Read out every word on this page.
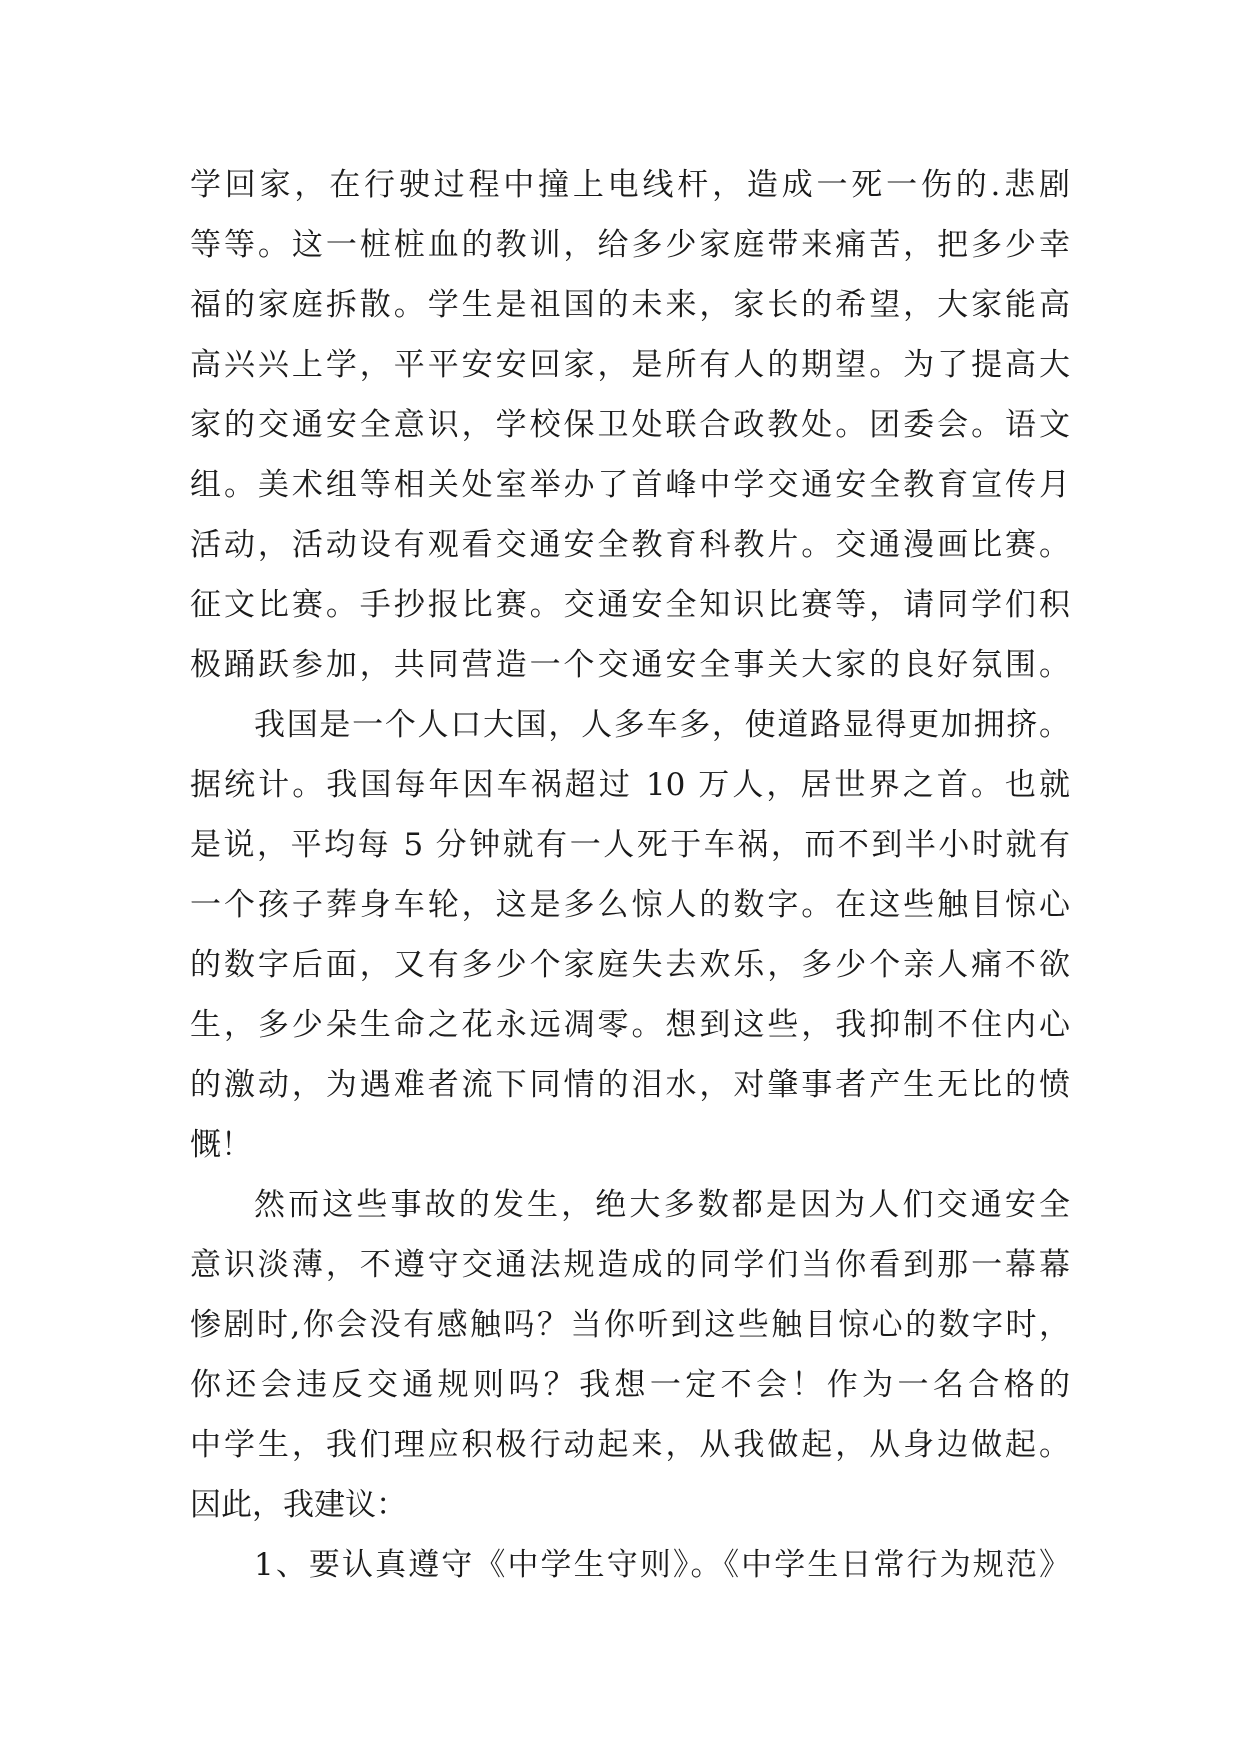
学回家，在行驶过程中撞上电线杆，造成一死一伤的.悲剧
等等。这一桩桩血的教训，给多少家庭带来痛苦，把多少幸
福的家庭拆散。学生是祖国的未来，家长的希望，大家能高
高兴兴上学，平平安安回家，是所有人的期望。为了提高大
家的交通安全意识，学校保卫处联合政教处。团委会。语文
组。美术组等相关处室举办了首峰中学交通安全教育宣传月
活动，活动设有观看交通安全教育科教片。交通漫画比赛。
征文比赛。手抄报比赛。交通安全知识比赛等，请同学们积
极踊跃参加，共同营造一个交通安全事关大家的良好氛围。
我国是一个人口大国，人多车多，使道路显得更加拥挤。
据统计。我国每年因车祸超过 10 万人，居世界之首。也就
是说，平均每 5 分钟就有一人死于车祸，而不到半小时就有
一个孩子葬身车轮，这是多么惊人的数字。在这些触目惊心
的数字后面，又有多少个家庭失去欢乐，多少个亲人痛不欲
生，多少朵生命之花永远凋零。想到这些，我抑制不住内心
的激动，为遇难者流下同情的泪水，对肇事者产生无比的愤
慨！
然而这些事故的发生，绝大多数都是因为人们交通安全
意识淡薄，不遵守交通法规造成的同学们当你看到那一幕幕
惨剧时,你会没有感触吗？当你听到这些触目惊心的数字时，
你还会违反交通规则吗？我想一定不会！作为一名合格的
中学生，我们理应积极行动起来，从我做起，从身边做起。
因此，我建议：
1、要认真遵守《中学生守则》。《中学生日常行为规范》
